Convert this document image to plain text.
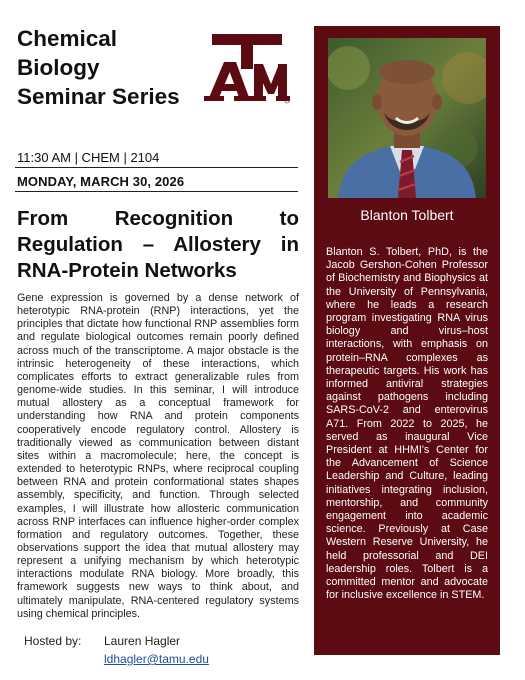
Chemical Biology Seminar Series
11:30 AM | CHEM | 2104
MONDAY, MARCH 30, 2026
From Recognition to Regulation – Allostery in RNA-Protein Networks
Gene expression is governed by a dense network of heterotypic RNA-protein (RNP) interactions, yet the principles that dictate how functional RNP assemblies form and regulate biological outcomes remain poorly defined across much of the transcriptome. A major obstacle is the intrinsic heterogeneity of these interactions, which complicates efforts to extract generalizable rules from genome-wide studies. In this seminar, I will introduce mutual allostery as a conceptual framework for understanding how RNA and protein components cooperatively encode regulatory control. Allostery is traditionally viewed as communication between distant sites within a macromolecule; here, the concept is extended to heterotypic RNPs, where reciprocal coupling between RNA and protein conformational states shapes assembly, specificity, and function. Through selected examples, I will illustrate how allosteric communication across RNP interfaces can influence higher-order complex formation and regulatory outcomes. Together, these observations support the idea that mutual allostery may represent a unifying mechanism by which heterotypic interactions modulate RNA biology. More broadly, this framework suggests new ways to think about, and ultimately manipulate, RNA-centered regulatory systems using chemical principles.
Hosted by: Lauren Hagler
ldhagler@tamu.edu
Blanton Tolbert
Blanton S. Tolbert, PhD, is the Jacob Gershon-Cohen Professor of Biochemistry and Biophysics at the University of Pennsylvania, where he leads a research program investigating RNA virus biology and virus–host interactions, with emphasis on protein–RNA complexes as therapeutic targets. His work has informed antiviral strategies against pathogens including SARS-CoV-2 and enterovirus A71. From 2022 to 2025, he served as inaugural Vice President at HHMI's Center for the Advancement of Science Leadership and Culture, leading initiatives integrating inclusion, mentorship, and community engagement into academic science. Previously at Case Western Reserve University, he held professorial and DEI leadership roles. Tolbert is a committed mentor and advocate for inclusive excellence in STEM.
